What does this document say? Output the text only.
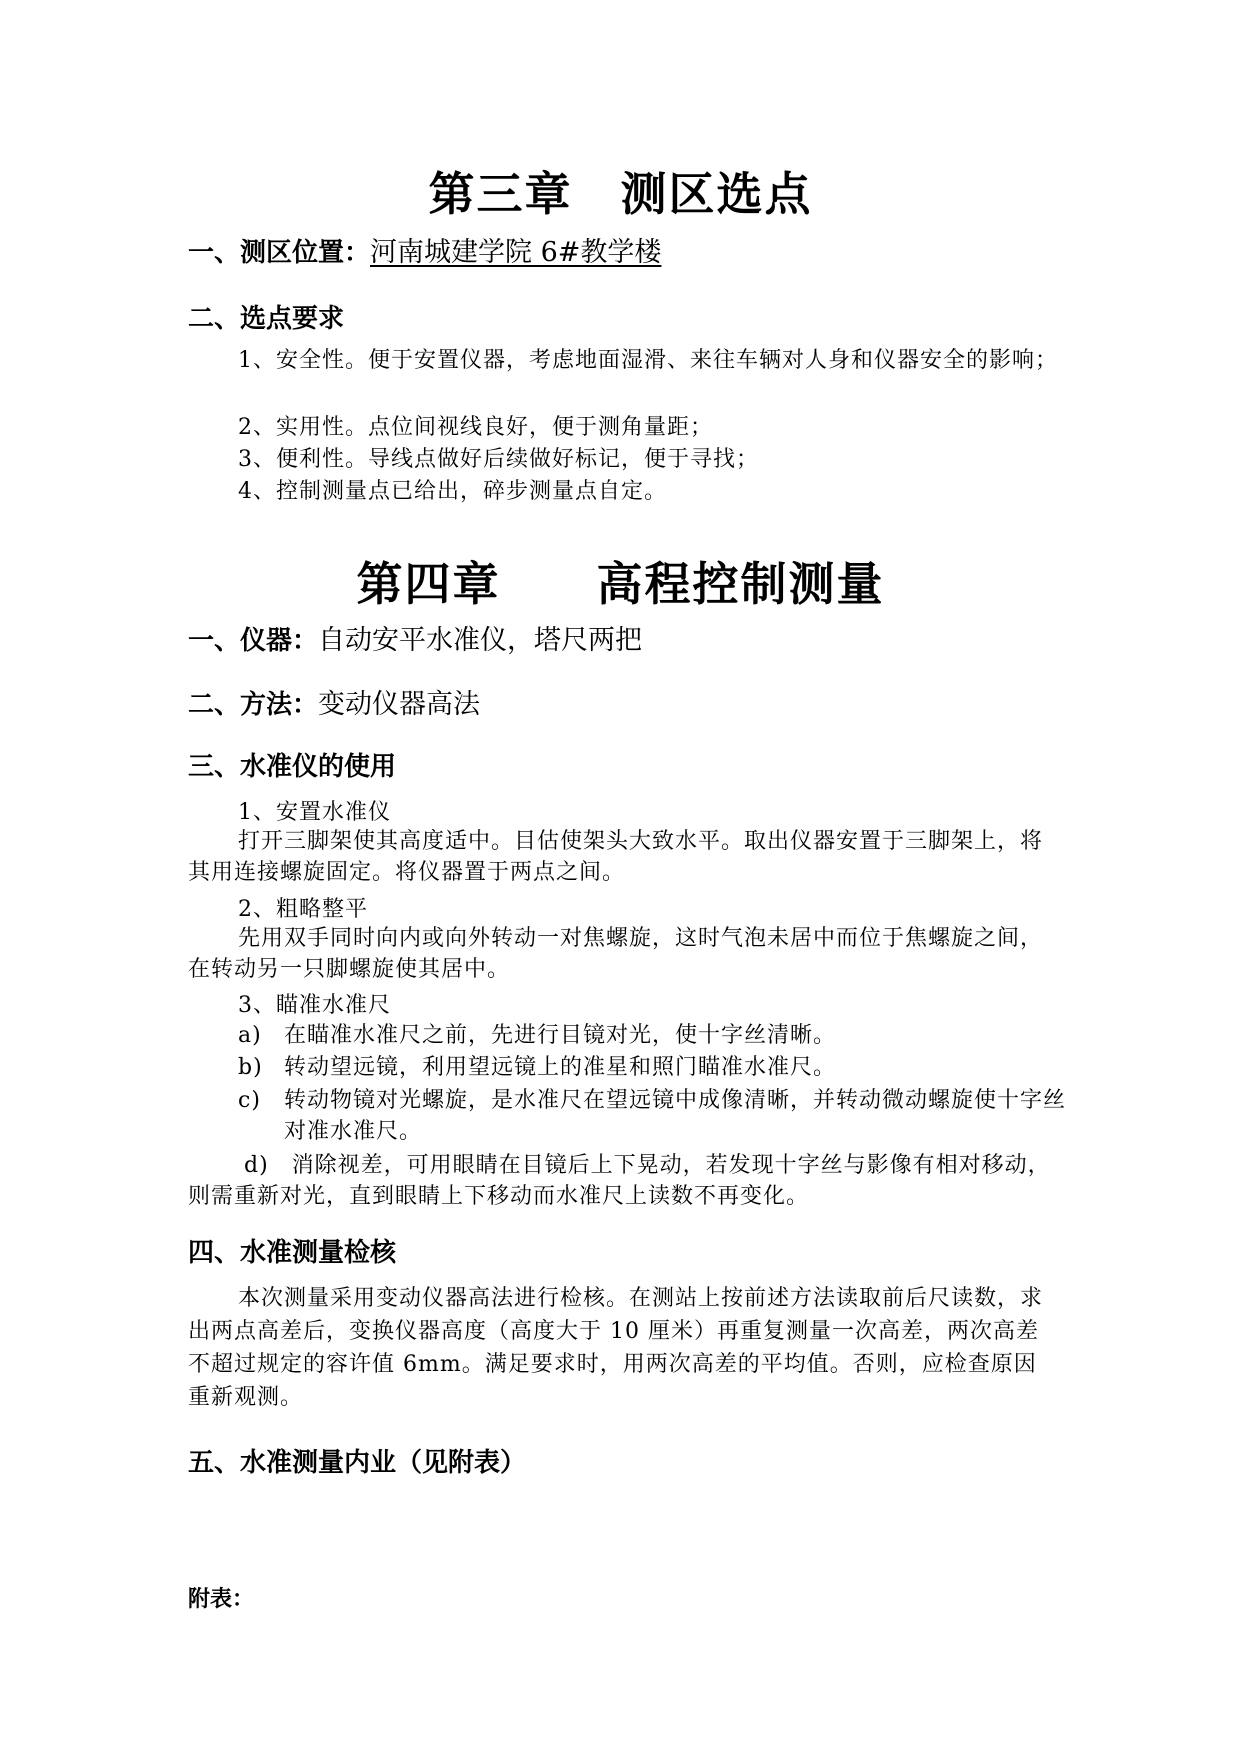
第三章　测区选点
一、测区位置：河南城建学院 6#教学楼
二、选点要求

1、安全性。便于安置仪器，考虑地面湿滑、来往车辆对人身和仪器安全的影响；

2、实用性。点位间视线良好，便于测角量距；
3、便利性。导线点做好后续做好标记，便于寻找；
4、控制测量点已给出，碎步测量点自定。
第四章　　高程控制测量
一、仪器：自动安平水准仪，塔尺两把
二、方法：变动仪器高法
三、水准仪的使用
1、安置水准仪

打开三脚架使其高度适中。目估使架头大致水平。取出仪器安置于三脚架上，将其用连接螺旋固定。将仪器置于两点之间。

2、粗略整平

先用双手同时向内或向外转动一对焦螺旋，这时气泡未居中而位于焦螺旋之间，在转动另一只脚螺旋使其居中。

3、瞄准水准尺
a) 在瞄准水准尺之前，先进行目镜对光，使十字丝清晰。
b) 转动望远镜，利用望远镜上的准星和照门瞄准水准尺。
c) 转动物镜对光螺旋，是水准尺在望远镜中成像清晰，并转动微动螺旋使十字丝对准水准尺。

d)　消除视差，可用眼睛在目镜后上下晃动，若发现十字丝与影像有相对移动，则需重新对光，直到眼睛上下移动而水准尺上读数不再变化。

四、水准测量检核

本次测量采用变动仪器高法进行检核。在测站上按前述方法读取前后尺读数，求出两点高差后，变换仪器高度（高度大于 10 厘米）再重复测量一次高差，两次高差不超过规定的容许值 6mm。满足要求时，用两次高差的平均值。否则，应检查原因重新观测。

五、水准测量内业（见附表）
附表：
